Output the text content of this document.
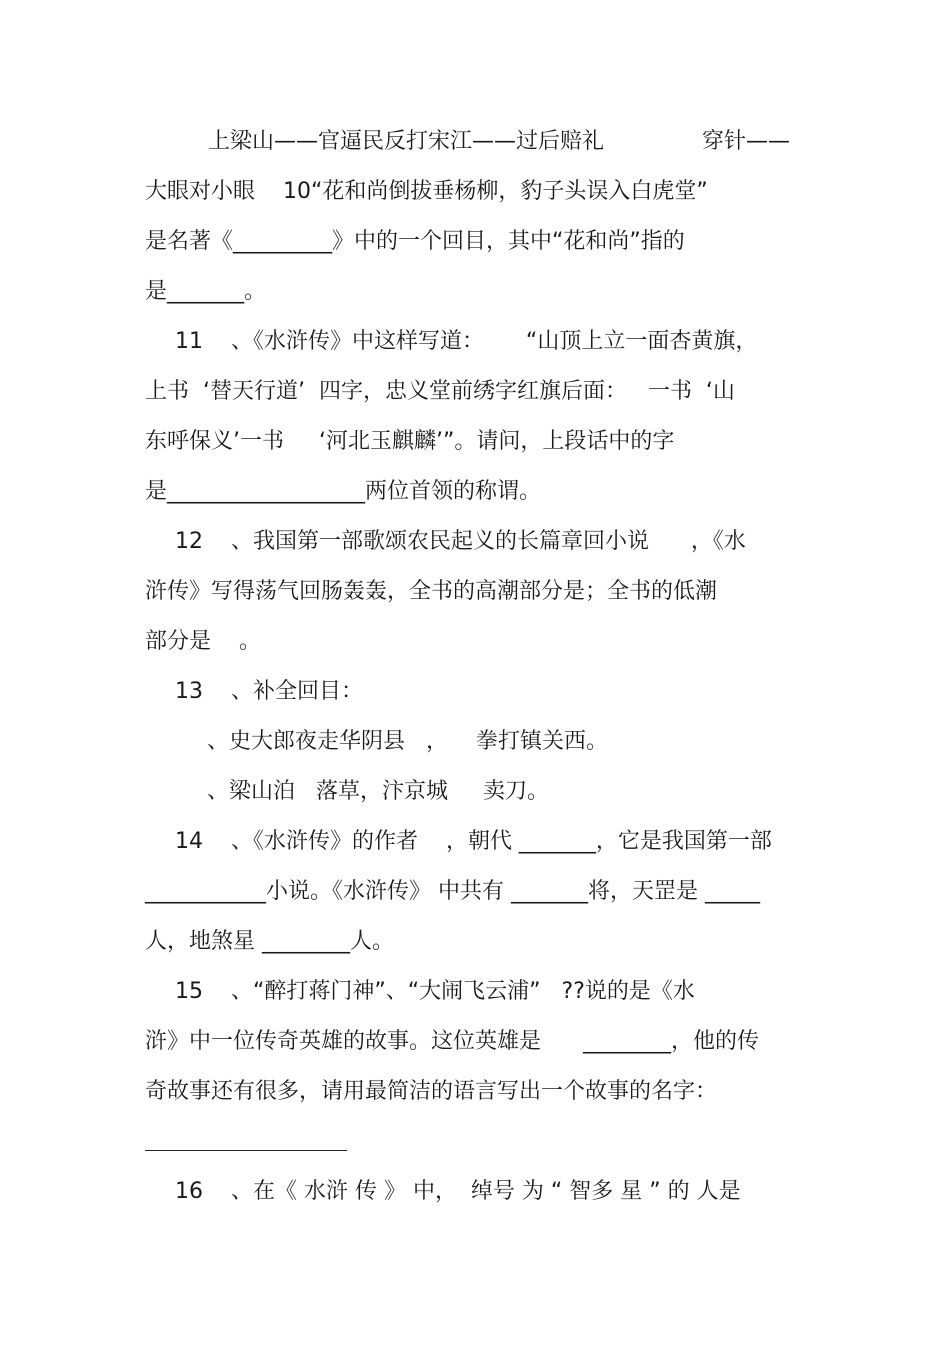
上梁山——官逼民反打宋江——过后赔礼	穿针——
大眼对小眼    10“花和尚倒拔垂杨柳，豹子头误入白虎堂”
是名著《_________》中的一个回目，其中“花和尚”指的
是_______。
11    、《水浒传》中这样写道：      “山顶上立一面杏黄旗，
上书  ‘替天行道’  四字，忠义堂前绣字红旗后面：   一书  ‘山
东呼保义’一书     ‘河北玉麒麟’”。请问，上段话中的字
是__________________两位首领的称谓。
12    、我国第一部歌颂农民起义的长篇章回小说      ，《水
浒传》写得荡气回肠轰轰，全书的高潮部分是；全书的低潮
部分是    。
13    、补全回目：
、史大郎夜走华阴县   ，    拳打镇关西。
、梁山泊   落草，汴京城     卖刀。
14    、《水浒传》的作者    ，朝代 _______，它是我国第一部
___________小说。《水浒传》 中共有 _______将，天罡是 _____
人，地煞星 ________人。
15    、“醉打蒋门神”、“大闹飞云浦”   ??说的是《水
浒》中一位传奇英雄的故事。这位英雄是      ________，他的传
奇故事还有很多，请用最简洁的语言写出一个故事的名字：
16    、在《 水浒 传 》 中，  绰号 为 “ 智多 星 ” 的 人是
